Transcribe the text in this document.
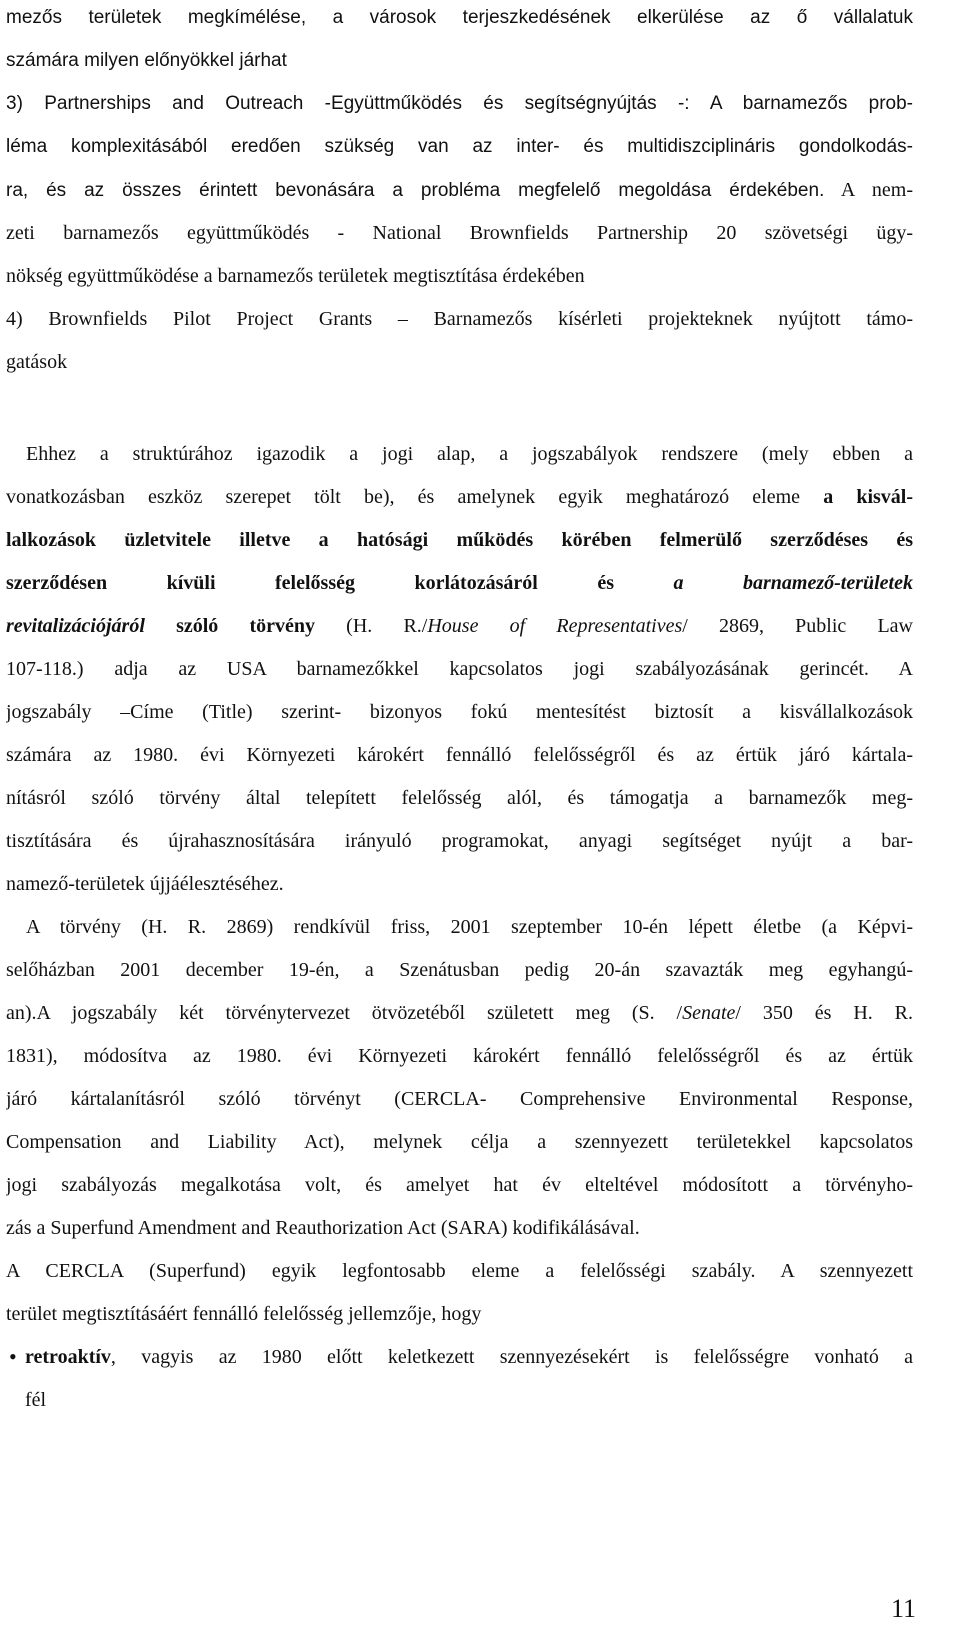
mezős területek megkímélése, a városok terjeszkedésének elkerülése az ő vállalatuk
számára milyen előnyökkel járhat
3) Partnerships and Outreach -Együttműködés és segítségnyújtás -: A barnamezős prob-
léma komplexitásából eredően szükség van az inter- és multidiszciplináris gondolkodás-
ra, és az összes érintett bevonására a probléma megfelelő megoldása érdekében. A nem-
zeti barnamezős együttműködés - National Brownfields Partnership 20 szövetségi ügy-
nökség együttműködése a barnamezős területek megtisztítása érdekében
4) Brownfields Pilot Project Grants – Barnamezős kísérleti projekteknek nyújtott támo-
gatások
Ehhez a struktúrához igazodik a jogi alap, a jogszabályok rendszere (mely ebben a
vonatkozásban eszköz szerepet tölt be), és amelynek egyik meghatározó eleme a kisvál-
lalkozások üzletvitele illetve a hatósági működés körében felmerülő szerződéses és
szerződésen kívüli felelősség korlátozásáról és a barnamező-területek
revitalizációjáról szóló törvény (H. R./House of Representatives/ 2869, Public Law
107-118.) adja az USA barnamezőkkel kapcsolatos jogi szabályozásának gerincét. A
jogszabály –Címe (Title) szerint- bizonyos fokú mentesítést biztosít a kisvállalkozások
számára az 1980. évi Környezeti károkért fennálló felelősségről és az értük járó kártala-
nításról szóló törvény által telepített felelősség alól, és támogatja a barnamezők meg-
tisztítására és újrahasznosítására irányuló programokat, anyagi segítséget nyújt a bar-
namező-területek újjáélesztéséhez.
A törvény (H. R. 2869) rendkívül friss, 2001 szeptember 10-én lépett életbe (a Képvi-
selőházban 2001 december 19-én, a Szenátusban pedig 20-án szavazták meg egyhangú-
an).A jogszabály két törvénytervezet ötvözetéből született meg (S. /Senate/ 350 és H. R.
1831), módosítva az 1980. évi Környezeti károkért fennálló felelősségről és az értük
járó kártalanításról szóló törvényt (CERCLA- Comprehensive Environmental Response,
Compensation and Liability Act), melynek célja a szennyezett területekkel kapcsolatos
jogi szabályozás megalkotása volt, és amelyet hat év elteltével módosított a törvényho-
zás a Superfund Amendment and Reauthorization Act (SARA) kodifikálásával.
A CERCLA (Superfund) egyik legfontosabb eleme a felelősségi szabály. A szennyezett
terület megtisztításáért fennálló felelősség jellemzője, hogy
• retroaktív, vagyis az 1980 előtt keletkezett szennyezésekért is felelősségre vonható a
fél
11
